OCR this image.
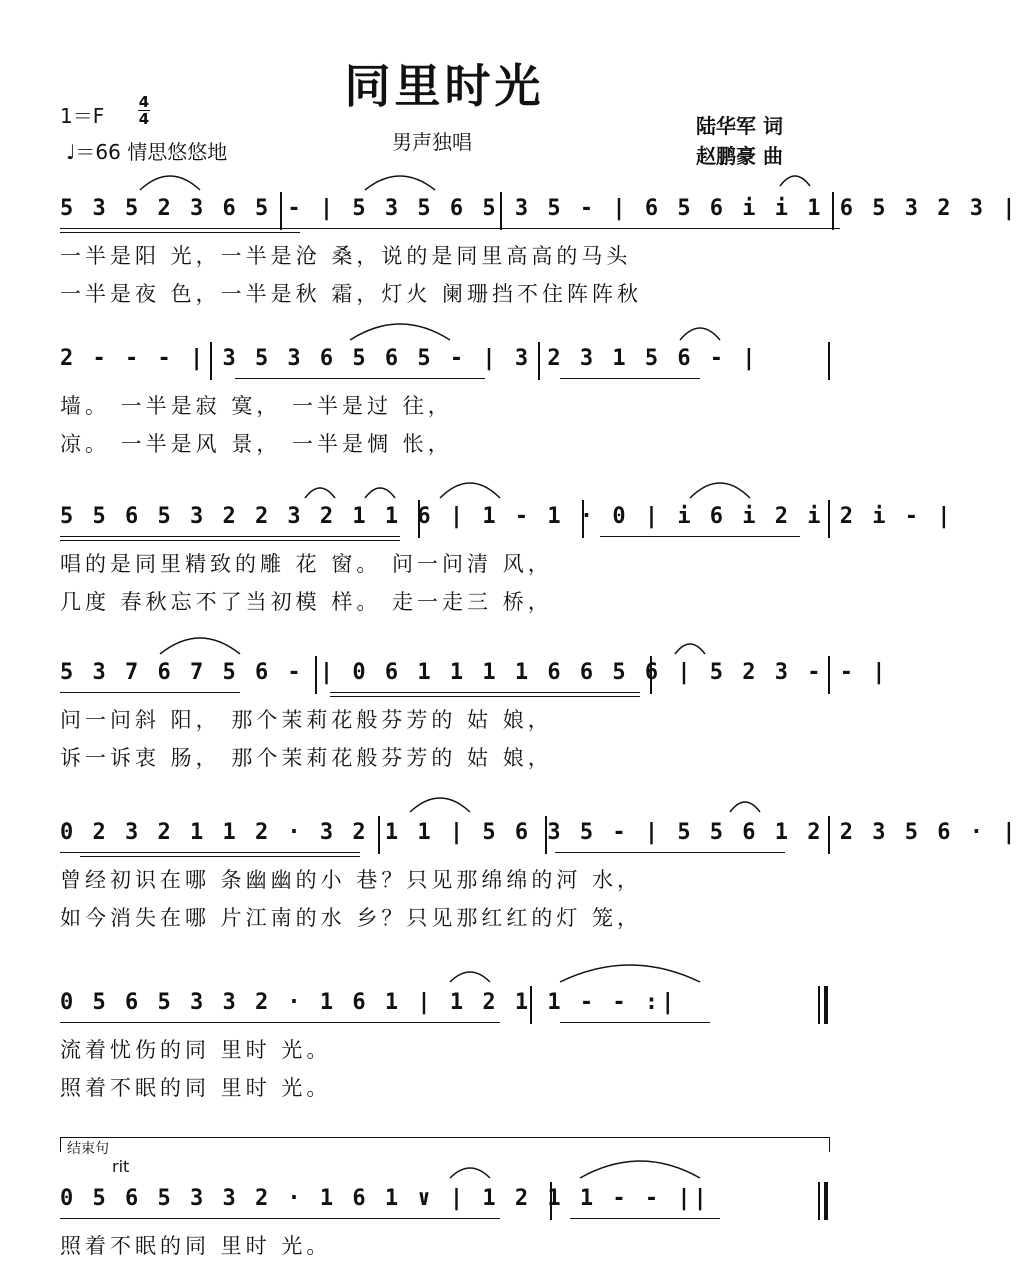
同里时光
1＝F
4
4
♩＝66 情思悠悠地	男声独唱
陆华军 词
赵鹏豪 曲
5 3 5 2 3 6 5 - | 5 3 5 6 5 3 5 - | 6 5 6 i i 1 6 5 3 2 3 |
一半是阳 光，一半是沧 桑，说的是同里高高的马头
一半是夜 色，一半是秋 霜，灯火 阑珊挡不住阵阵秋
2 - - - | 3 5 3 6 5 6 5 - | 3 2 3 1 5 6 - |
墙。 一半是寂 寞， 一半是过 往，
凉。 一半是风 景， 一半是惆 怅，
5 5 6 5 3 2 2 3 2 1 1 6 | 1 - 1 · 0 | i 6 i 2 i 2 i - |
唱的是同里精致的雕 花 窗。 问一问清 风，
几度 春秋忘不了当初模 样。 走一走三 桥，
5 3 7 6 7 5 6 - | 0 6 1 1 1 1 6 6 5 6 | 5 2 3 - - |
问一问斜 阳， 那个茉莉花般芬芳的 姑 娘，
诉一诉衷 肠， 那个茉莉花般芬芳的 姑 娘，
0 2 3 2 1 1 2 · 3 2 1 1 | 5 6 3 5 - | 5 5 6 1 2 2 3 5 6 · |
曾经初识在哪 条幽幽的小 巷？只见那绵绵的河 水，
如今消失在哪 片江南的水 乡？只见那红红的灯 笼，
0 5 6 5 3 3 2 · 1 6 1 | 1 2 1 1 - - :|
流着忧伤的同 里时 光。
照着不眠的同 里时 光。
结束句
rit
0 5 6 5 3 3 2 · 1 6 1 ∨ | 1 2 1 1 - - ||
照着不眠的同 里时 光。
